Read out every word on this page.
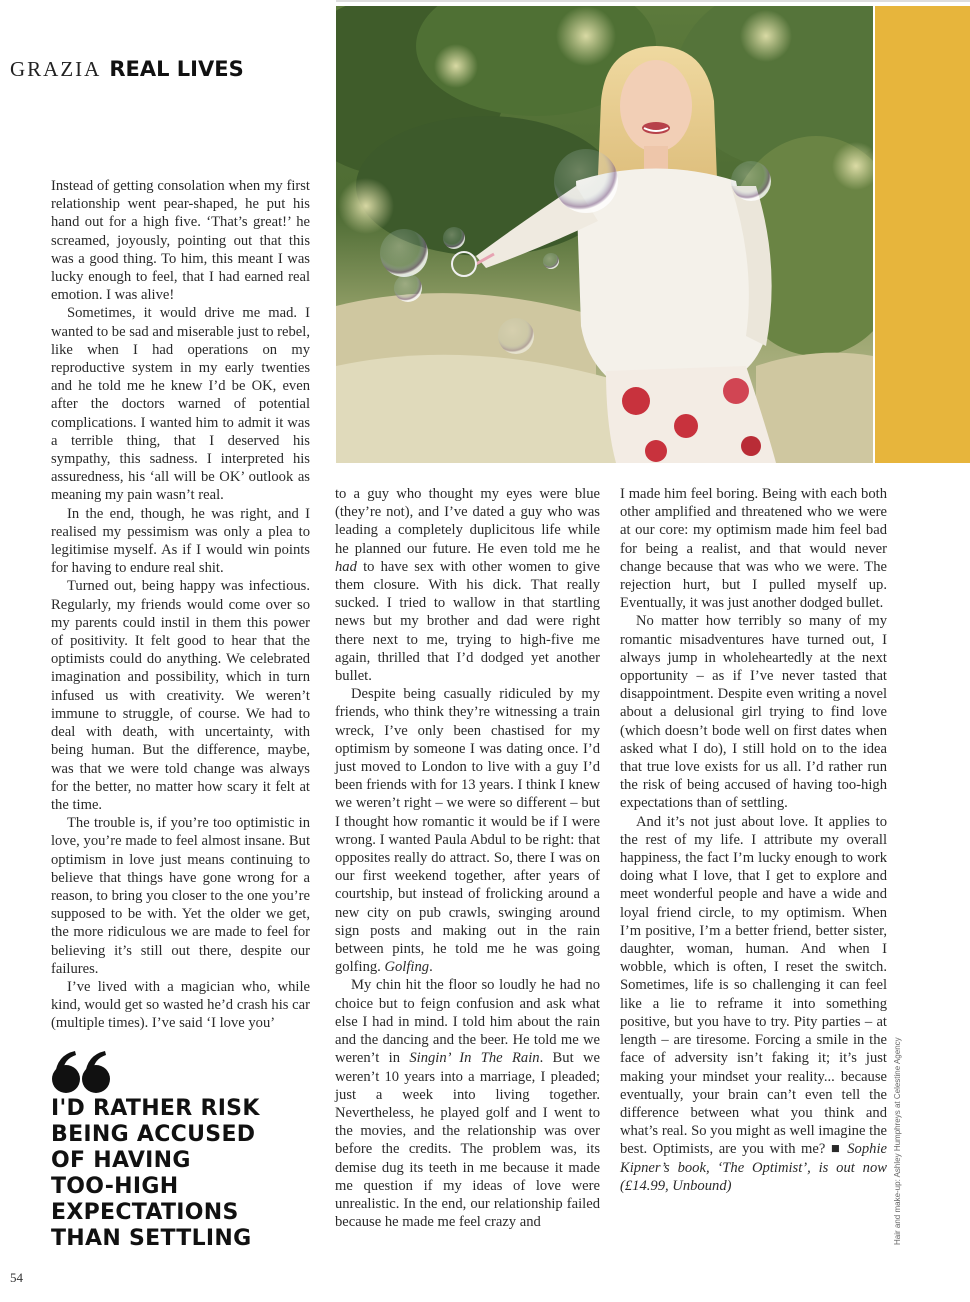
GRAZIA REAL LIVES

Instead of getting consolation when my first relationship went pear-shaped, he put his hand out for a high five. ‘That’s great!’ he screamed, joyously, pointing out that this was a good thing. To him, this meant I was lucky enough to feel, that I had earned real emotion. I was alive!

Sometimes, it would drive me mad. I wanted to be sad and miserable just to rebel, like when I had operations on my reproductive system in my early twenties and he told me he knew I’d be OK, even after the doctors warned of potential complications. I wanted him to admit it was a terrible thing, that I deserved his sympathy, this sadness. I interpreted his assuredness, his ‘all will be OK’ outlook as meaning my pain wasn’t real.

In the end, though, he was right, and I realised my pessimism was only a plea to legitimise myself. As if I would win points for having to endure real shit.

Turned out, being happy was infectious. Regularly, my friends would come over so my parents could instil in them this power of positivity. It felt good to hear that the optimists could do anything. We celebrated imagination and possibility, which in turn infused us with creativity. We weren’t immune to struggle, of course. We had to deal with death, with uncertainty, with being human. But the difference, maybe, was that we were told change was always for the better, no matter how scary it felt at the time.

The trouble is, if you’re too optimistic in love, you’re made to feel almost insane. But optimism in love just means continuing to believe that things have gone wrong for a reason, to bring you closer to the one you’re supposed to be with. Yet the older we get, the more ridiculous we are made to feel for believing it’s still out there, despite our failures.

I’ve lived with a magician who, while kind, would get so wasted he’d crash his car (multiple times). I’ve said ‘I love you’

I'D RATHER RISK
BEING ACCUSED
OF HAVING
TOO-HIGH
EXPECTATIONS
THAN SETTLING

to a guy who thought my eyes were blue (they’re not), and I’ve dated a guy who was leading a completely duplicitous life while he planned our future. He even told me he had to have sex with other women to give them closure. With his dick. That really sucked. I tried to wallow in that startling news but my brother and dad were right there next to me, trying to high-five me again, thrilled that I’d dodged yet another bullet.

Despite being casually ridiculed by my friends, who think they’re witnessing a train wreck, I’ve only been chastised for my optimism by someone I was dating once. I’d just moved to London to live with a guy I’d been friends with for 13 years. I think I knew we weren’t right – we were so different – but I thought how romantic it would be if I were wrong. I wanted Paula Abdul to be right: that opposites really do attract. So, there I was on our first weekend together, after years of courtship, but instead of frolicking around a new city on pub crawls, swinging around sign posts and making out in the rain between pints, he told me he was going golfing. Golfing.

My chin hit the floor so loudly he had no choice but to feign confusion and ask what else I had in mind. I told him about the rain and the dancing and the beer. He told me we weren’t in Singin’ In The Rain. But we weren’t 10 years into a marriage, I pleaded; just a week into living together. Nevertheless, he played golf and I went to the movies, and the relationship was over before the credits. The problem was, its demise dug its teeth in me because it made me question if my ideas of love were unrealistic. In the end, our relationship failed because he made me feel crazy and

I made him feel boring. Being with each both other amplified and threatened who we were at our core: my optimism made him feel bad for being a realist, and that would never change because that was who we were. The rejection hurt, but I pulled myself up. Eventually, it was just another dodged bullet.

No matter how terribly so many of my romantic misadventures have turned out, I always jump in wholeheartedly at the next opportunity – as if I’ve never tasted that disappointment. Despite even writing a novel about a delusional girl trying to find love (which doesn’t bode well on first dates when asked what I do), I still hold on to the idea that true love exists for us all. I’d rather run the risk of being accused of having too-high expectations than of settling.

And it’s not just about love. It applies to the rest of my life. I attribute my overall happiness, the fact I’m lucky enough to work doing what I love, that I get to explore and meet wonderful people and have a wide and loyal friend circle, to my optimism. When I’m positive, I’m a better friend, better sister, daughter, woman, human. And when I wobble, which is often, I reset the switch. Sometimes, life is so challenging it can feel like a lie to reframe it into something positive, but you have to try. Pity parties – at length – are tiresome. Forcing a smile in the face of adversity isn’t faking it; it’s just making your mindset your reality... because eventually, your brain can’t even tell the difference between what you think and what’s real. So you might as well imagine the best. Optimists, are you with me? ■ Sophie Kipner’s book, ‘The Optimist’, is out now (£14.99, Unbound)	Hair and make-up: Ashley Humphreys at Celestine Agency
54
